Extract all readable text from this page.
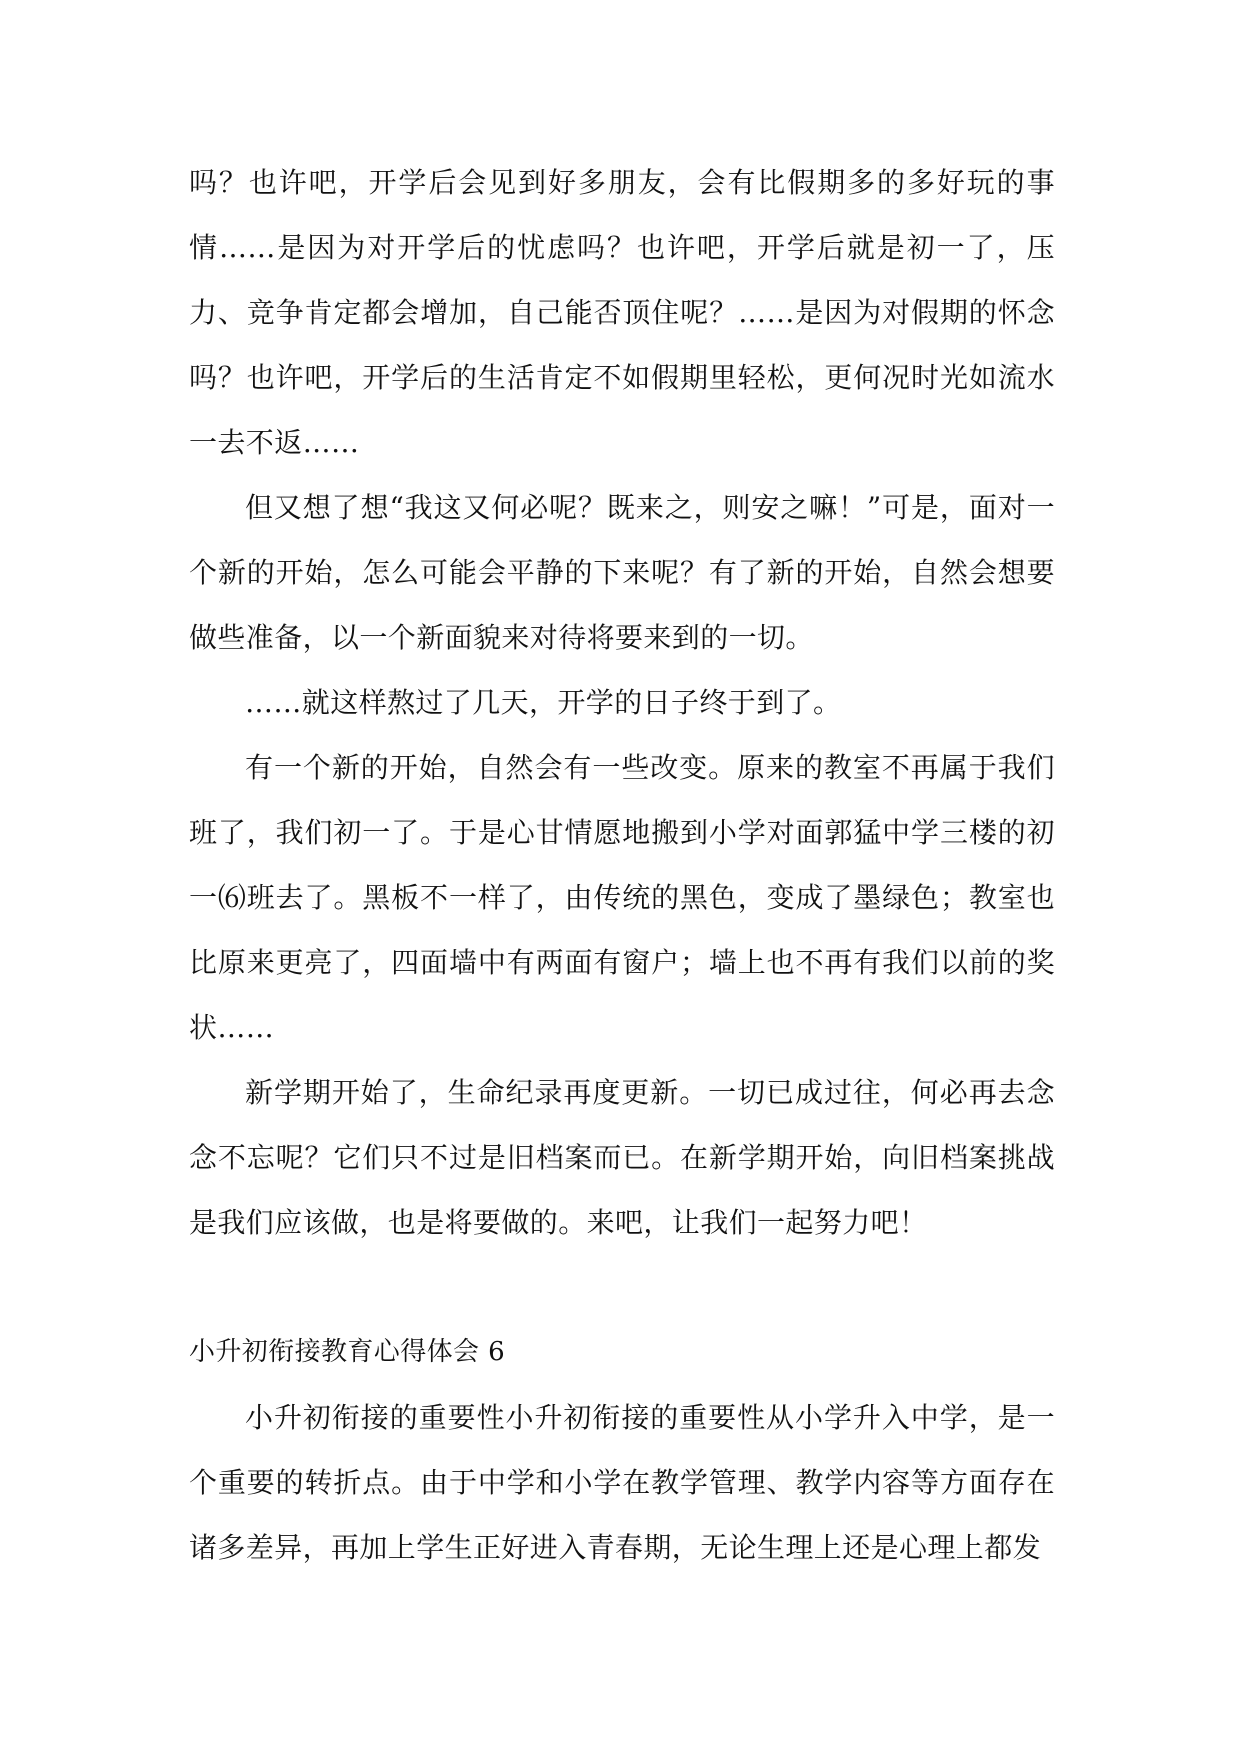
吗？也许吧，开学后会见到好多朋友，会有比假期多的多好玩的事情……是因为对开学后的忧虑吗？也许吧，开学后就是初一了，压力、竞争肯定都会增加，自己能否顶住呢？……是因为对假期的怀念吗？也许吧，开学后的生活肯定不如假期里轻松，更何况时光如流水一去不返……

但又想了想“我这又何必呢？既来之，则安之嘛！”可是，面对一个新的开始，怎么可能会平静的下来呢？有了新的开始，自然会想要做些准备，以一个新面貌来对待将要来到的一切。

……就这样熬过了几天，开学的日子终于到了。

有一个新的开始，自然会有一些改变。原来的教室不再属于我们班了，我们初一了。于是心甘情愿地搬到小学对面郭猛中学三楼的初一⑹班去了。黑板不一样了，由传统的黑色，变成了墨绿色；教室也比原来更亮了，四面墙中有两面有窗户；墙上也不再有我们以前的奖状……

新学期开始了，生命纪录再度更新。一切已成过往，何必再去念念不忘呢？它们只不过是旧档案而已。在新学期开始，向旧档案挑战是我们应该做，也是将要做的。来吧，让我们一起努力吧！

小升初衔接教育心得体会 6

小升初衔接的重要性小升初衔接的重要性从小学升入中学，是一个重要的转折点。由于中学和小学在教学管理、教学内容等方面存在诸多差异，再加上学生正好进入青春期，无论生理上还是心理上都发
